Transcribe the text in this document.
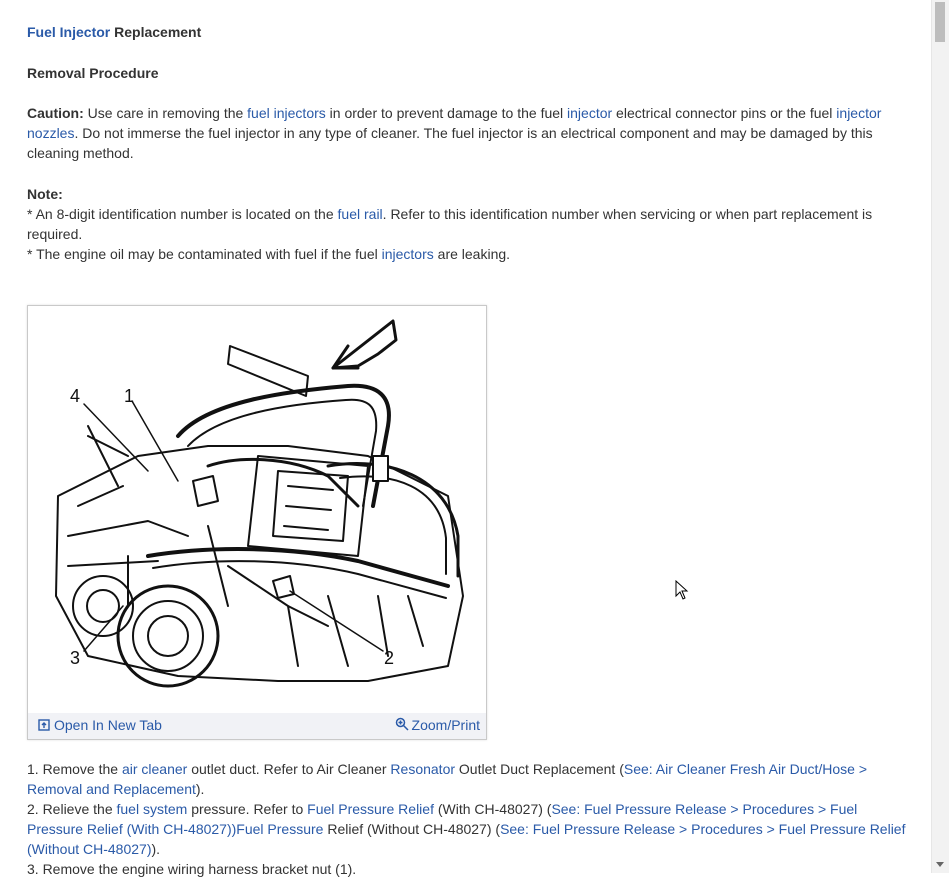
Fuel Injector Replacement

Removal Procedure

Caution: Use care in removing the fuel injectors in order to prevent damage to the fuel injector electrical connector pins or the fuel injector nozzles. Do not immerse the fuel injector in any type of cleaner. The fuel injector is an electrical component and may be damaged by this cleaning method.

Note:

* An 8-digit identification number is located on the fuel rail. Refer to this identification number when servicing or when part replacement is required.

* The engine oil may be contaminated with fuel if the fuel injectors are leaking.

4 1
3	2
Open In New Tab	Zoom/Print

1. Remove the air cleaner outlet duct. Refer to Air Cleaner Resonator Outlet Duct Replacement (See: Air Cleaner Fresh Air Duct/Hose > Removal and Replacement).

2. Relieve the fuel system pressure. Refer to Fuel Pressure Relief (With CH-48027) (See: Fuel Pressure Release > Procedures > Fuel Pressure Relief (With CH-48027))Fuel Pressure Relief (Without CH-48027) (See: Fuel Pressure Release > Procedures > Fuel Pressure Relief (Without CH-48027)).

3. Remove the engine wiring harness bracket nut (1).
